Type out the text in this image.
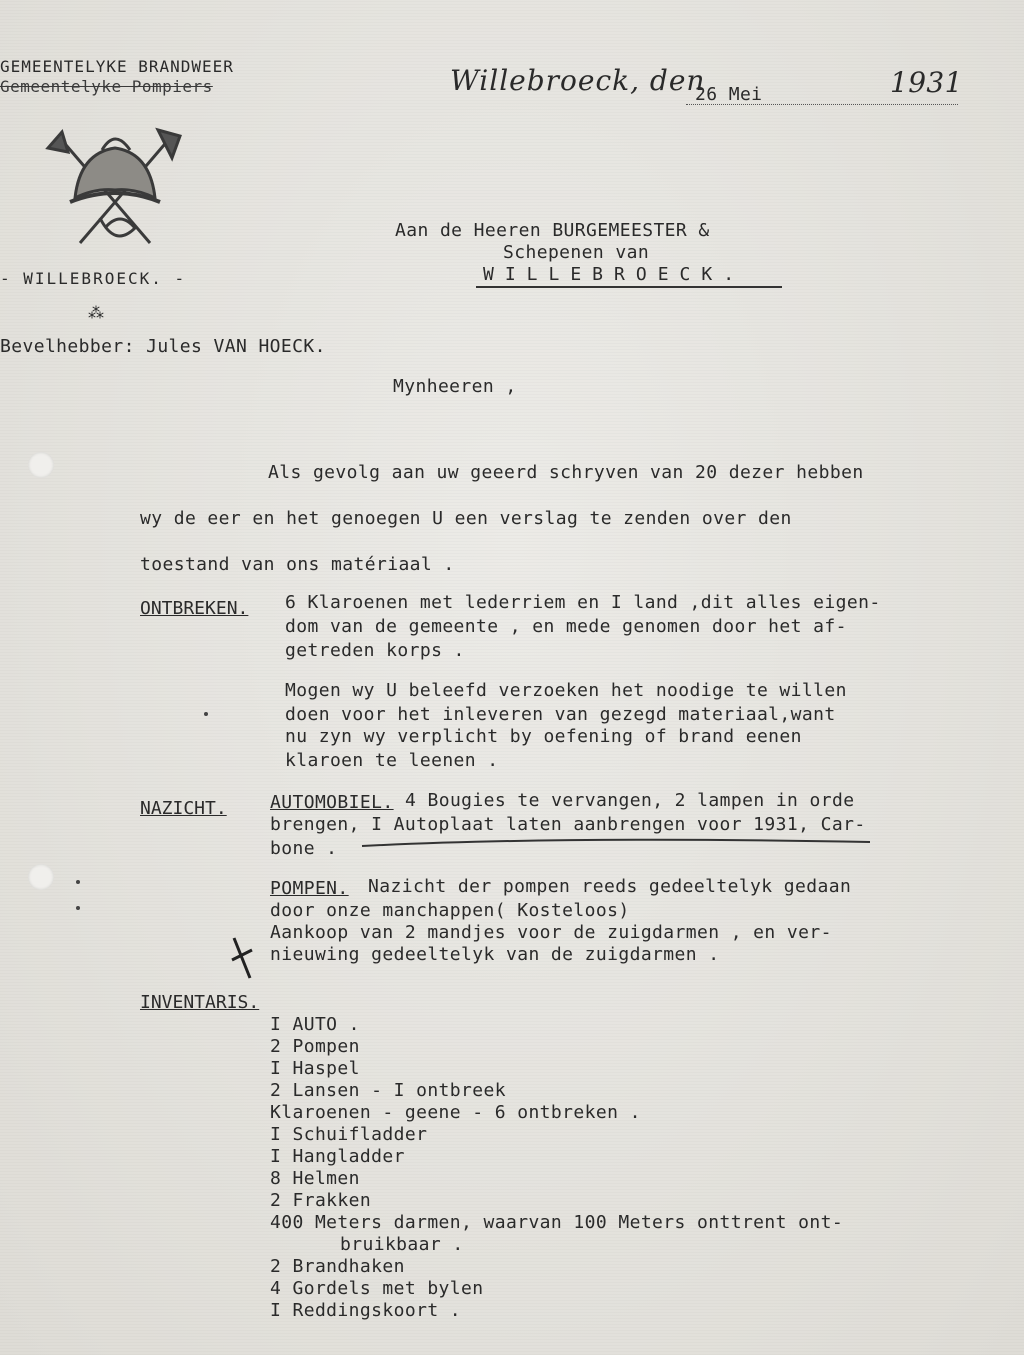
GEMEENTELYKE BRANDWEER
Gemeentelyke Pompiers
- WILLEBROECK. -
⁂
Bevelhebber: Jules VAN HOECK.
Willebroeck, den
26 Mei	1931
Aan de Heeren BURGEMEESTER &
Schepenen van
WILLEBROECK.
Mynheeren ,
Als gevolg aan uw geeerd schryven van 20 dezer hebben
wy de eer en het genoegen U een verslag te zenden over den
toestand van ons matériaal .
ONTBREKEN. 6 Klaroenen met lederriem en I land ,dit alles eigen-
dom van de gemeente , en mede genomen door het af-
getreden korps .
Mogen wy U beleefd verzoeken het noodige te willen
doen voor het inleveren van gezegd materiaal,want
nu zyn wy verplicht by oefening of brand eenen
klaroen te leenen .
NAZICHT. AUTOMOBIEL. 4 Bougies te vervangen, 2 lampen in orde
brengen, I Autoplaat laten aanbrengen voor 1931, Car-
bone .
POMPEN. Nazicht der pompen reeds gedeeltelyk gedaan
door onze manchappen( Kosteloos)
Aankoop van 2 mandjes voor de zuigdarmen , en ver-
nieuwing gedeeltelyk van de zuigdarmen .
INVENTARIS.
I AUTO .
2 Pompen
I Haspel
2 Lansen - I ontbreek
Klaroenen - geene - 6 ontbreken .
I Schuifladder
I Hangladder
8 Helmen
2 Frakken
400 Meters darmen, waarvan 100 Meters onttrent ont-
bruikbaar .
2 Brandhaken
4 Gordels met bylen
I Reddingskoort .
